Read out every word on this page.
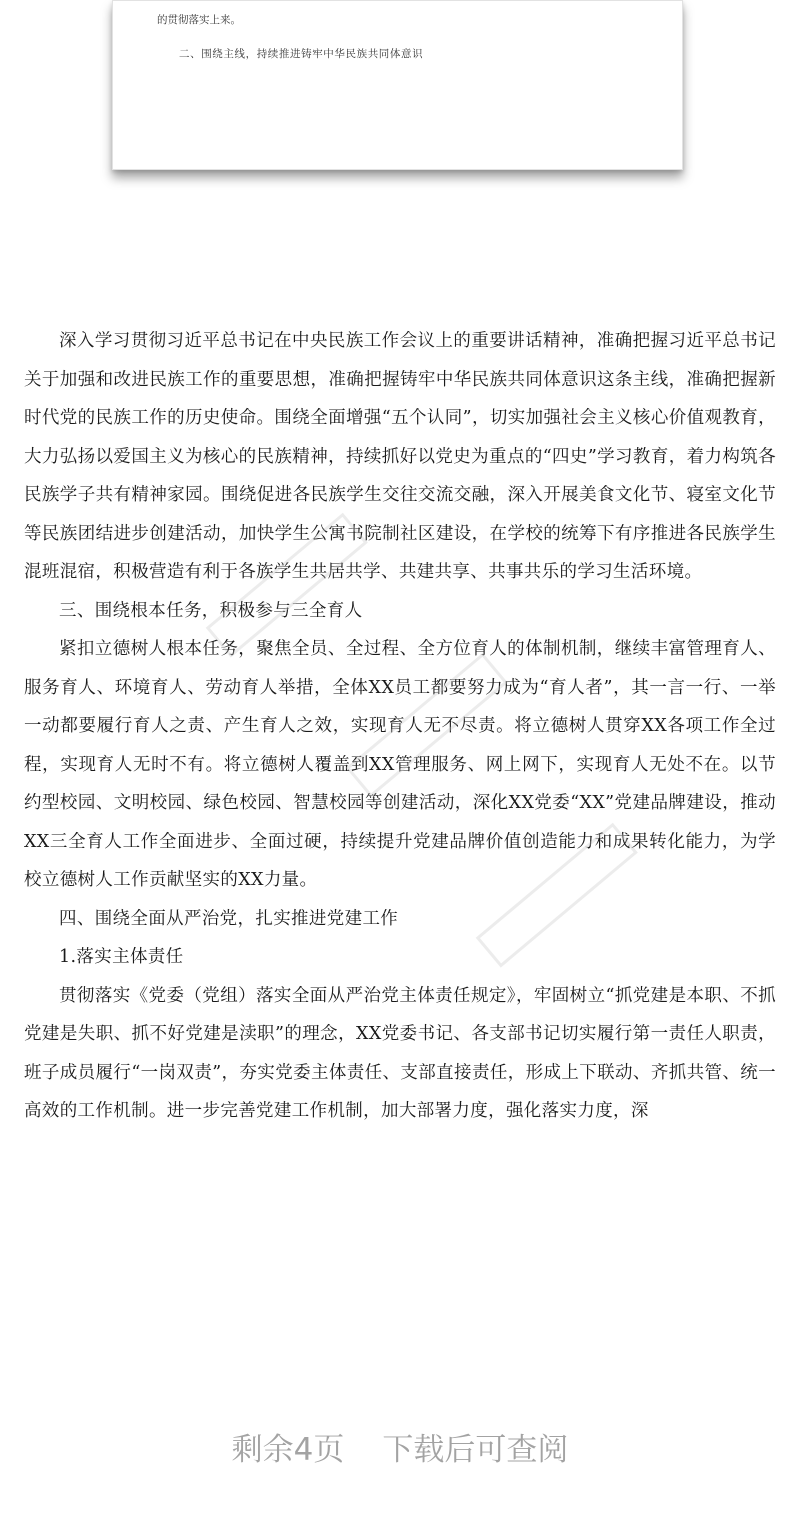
的贯彻落实上来。
二、围绕主线，持续推进铸牢中华民族共同体意识

深入学习贯彻习近平总书记在中央民族工作会议上的重要讲话精神，准确把握习近平总书记关于加强和改进民族工作的重要思想，准确把握铸牢中华民族共同体意识这条主线，准确把握新时代党的民族工作的历史使命。围绕全面增强“五个认同”，切实加强社会主义核心价值观教育，大力弘扬以爱国主义为核心的民族精神，持续抓好以党史为重点的“四史”学习教育，着力构筑各民族学子共有精神家园。围绕促进各民族学生交往交流交融，深入开展美食文化节、寝室文化节等民族团结进步创建活动，加快学生公寓书院制社区建设，在学校的统筹下有序推进各民族学生混班混宿，积极营造有利于各族学生共居共学、共建共享、共事共乐的学习生活环境。

三、围绕根本任务，积极参与三全育人

紧扣立德树人根本任务，聚焦全员、全过程、全方位育人的体制机制，继续丰富管理育人、服务育人、环境育人、劳动育人举措，全体XX员工都要努力成为“育人者”，其一言一行、一举一动都要履行育人之责、产生育人之效，实现育人无不尽责。将立德树人贯穿XX各项工作全过程，实现育人无时不有。将立德树人覆盖到XX管理服务、网上网下，实现育人无处不在。以节约型校园、文明校园、绿色校园、智慧校园等创建活动，深化XX党委“XX”党建品牌建设，推动XX三全育人工作全面进步、全面过硬，持续提升党建品牌价值创造能力和成果转化能力，为学校立德树人工作贡献坚实的XX力量。

四、围绕全面从严治党，扎实推进党建工作

1.落实主体责任

贯彻落实《党委（党组）落实全面从严治党主体责任规定》，牢固树立“抓党建是本职、不抓党建是失职、抓不好党建是渎职”的理念，XX党委书记、各支部书记切实履行第一责任人职责，班子成员履行“一岗双责”，夯实党委主体责任、支部直接责任，形成上下联动、齐抓共管、统一高效的工作机制。进一步完善党建工作机制，加大部署力度，强化落实力度，深

剩余4页 下载后可查阅
